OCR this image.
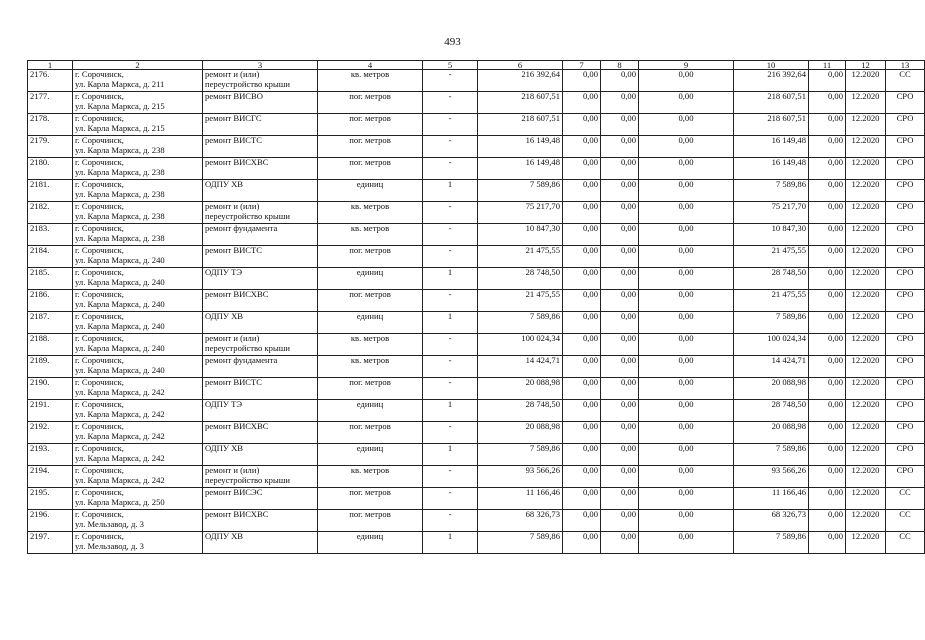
493
1	2	3	4	5	6	7	8	9	10	11	12	13
2176.	г. Сорочинск,
ул. Карла Маркса, д. 211	ремонт и (или)
переустройство крыши	кв. метров	-	216 392,64	0,00	0,00	0,00	216 392,64	0,00	12.2020	СС
2177.	г. Сорочинск,
ул. Карла Маркса, д. 215	ремонт ВИСВО	пог. метров	-	218 607,51	0,00	0,00	0,00	218 607,51	0,00	12.2020	СРО
2178.	г. Сорочинск,
ул. Карла Маркса, д. 215	ремонт ВИСГС	пог. метров	-	218 607,51	0,00	0,00	0,00	218 607,51	0,00	12.2020	СРО
2179.	г. Сорочинск,
ул. Карла Маркса, д. 238	ремонт ВИСТС	пог. метров	-	16 149,48	0,00	0,00	0,00	16 149,48	0,00	12.2020	СРО
2180.	г. Сорочинск,
ул. Карла Маркса, д. 238	ремонт ВИСХВС	пог. метров	-	16 149,48	0,00	0,00	0,00	16 149,48	0,00	12.2020	СРО
2181.	г. Сорочинск,
ул. Карла Маркса, д. 238	ОДПУ ХВ	единиц	1	7 589,86	0,00	0,00	0,00	7 589,86	0,00	12.2020	СРО
2182.	г. Сорочинск,
ул. Карла Маркса, д. 238	ремонт и (или)
переустройство крыши	кв. метров	-	75 217,70	0,00	0,00	0,00	75 217,70	0,00	12.2020	СРО
2183.	г. Сорочинск,
ул. Карла Маркса, д. 238	ремонт фундамента	кв. метров	-	10 847,30	0,00	0,00	0,00	10 847,30	0,00	12.2020	СРО
2184.	г. Сорочинск,
ул. Карла Маркса, д. 240	ремонт ВИСТС	пог. метров	-	21 475,55	0,00	0,00	0,00	21 475,55	0,00	12.2020	СРО
2185.	г. Сорочинск,
ул. Карла Маркса, д. 240	ОДПУ ТЭ	единиц	1	28 748,50	0,00	0,00	0,00	28 748,50	0,00	12.2020	СРО
2186.	г. Сорочинск,
ул. Карла Маркса, д. 240	ремонт ВИСХВС	пог. метров	-	21 475,55	0,00	0,00	0,00	21 475,55	0,00	12.2020	СРО
2187.	г. Сорочинск,
ул. Карла Маркса, д. 240	ОДПУ ХВ	единиц	1	7 589,86	0,00	0,00	0,00	7 589,86	0,00	12.2020	СРО
2188.	г. Сорочинск,
ул. Карла Маркса, д. 240	ремонт и (или)
переустройство крыши	кв. метров	-	100 024,34	0,00	0,00	0,00	100 024,34	0,00	12.2020	СРО
2189.	г. Сорочинск,
ул. Карла Маркса, д. 240	ремонт фундамента	кв. метров	-	14 424,71	0,00	0,00	0,00	14 424,71	0,00	12.2020	СРО
2190.	г. Сорочинск,
ул. Карла Маркса, д. 242	ремонт ВИСТС	пог. метров	-	20 088,98	0,00	0,00	0,00	20 088,98	0,00	12.2020	СРО
2191.	г. Сорочинск,
ул. Карла Маркса, д. 242	ОДПУ ТЭ	единиц	1	28 748,50	0,00	0,00	0,00	28 748,50	0,00	12.2020	СРО
2192.	г. Сорочинск,
ул. Карла Маркса, д. 242	ремонт ВИСХВС	пог. метров	-	20 088,98	0,00	0,00	0,00	20 088,98	0,00	12.2020	СРО
2193.	г. Сорочинск,
ул. Карла Маркса, д. 242	ОДПУ ХВ	единиц	1	7 589,86	0,00	0,00	0,00	7 589,86	0,00	12.2020	СРО
2194.	г. Сорочинск,
ул. Карла Маркса, д. 242	ремонт и (или)
переустройство крыши	кв. метров	-	93 566,26	0,00	0,00	0,00	93 566,26	0,00	12.2020	СРО
2195.	г. Сорочинск,
ул. Карла Маркса, д. 250	ремонт ВИСЭС	пог. метров	-	11 166,46	0,00	0,00	0,00	11 166,46	0,00	12.2020	СС
2196.	г. Сорочинск,
ул. Мельзавод, д. 3	ремонт ВИСХВС	пог. метров	-	68 326,73	0,00	0,00	0,00	68 326,73	0,00	12.2020	СС
2197.	г. Сорочинск,
ул. Мельзавод, д. 3	ОДПУ ХВ	единиц	1	7 589,86	0,00	0,00	0,00	7 589,86	0,00	12.2020	СС
